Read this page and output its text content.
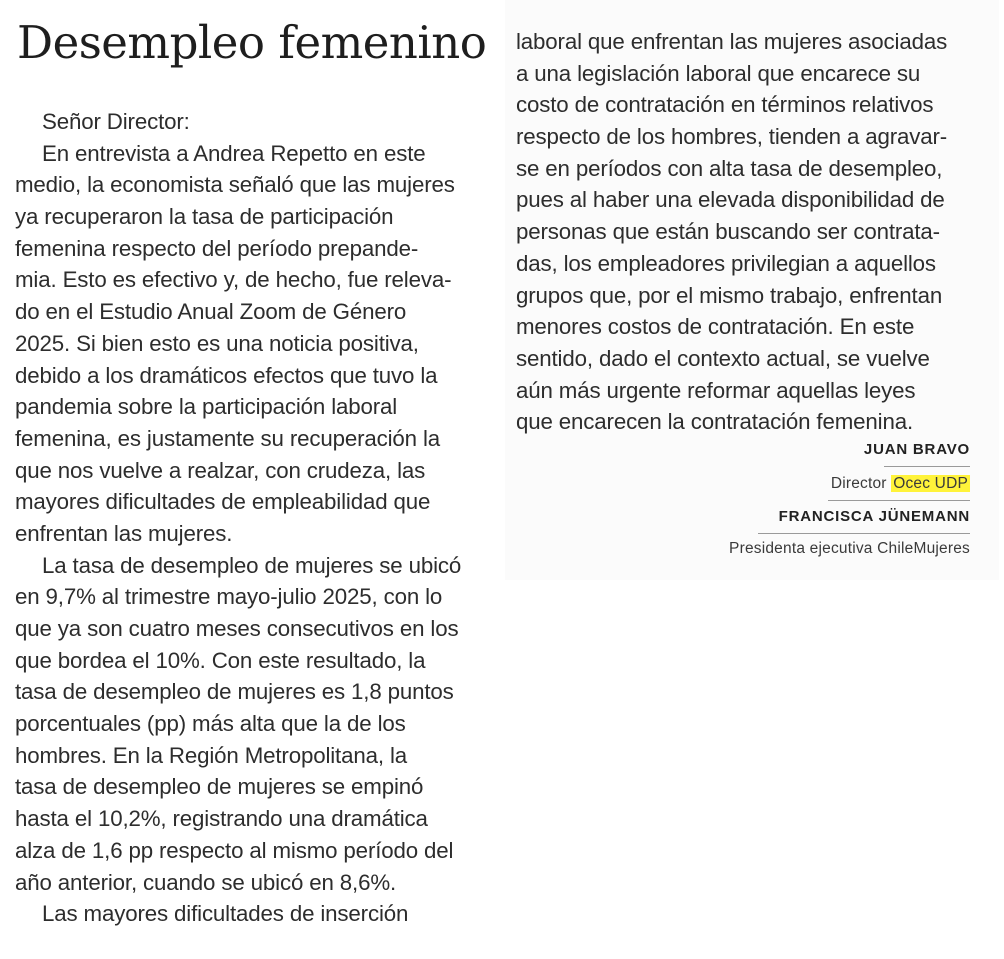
Desempleo femenino
Señor Director:
En entrevista a Andrea Repetto en este
medio, la economista señaló que las mujeres
ya recuperaron la tasa de participación
femenina respecto del período prepande-
mia. Esto es efectivo y, de hecho, fue releva-
do en el Estudio Anual Zoom de Género
2025. Si bien esto es una noticia positiva,
debido a los dramáticos efectos que tuvo la
pandemia sobre la participación laboral
femenina, es justamente su recuperación la
que nos vuelve a realzar, con crudeza, las
mayores dificultades de empleabilidad que
enfrentan las mujeres.
La tasa de desempleo de mujeres se ubicó
en 9,7% al trimestre mayo-julio 2025, con lo
que ya son cuatro meses consecutivos en los
que bordea el 10%. Con este resultado, la
tasa de desempleo de mujeres es 1,8 puntos
porcentuales (pp) más alta que la de los
hombres. En la Región Metropolitana, la
tasa de desempleo de mujeres se empinó
hasta el 10,2%, registrando una dramática
alza de 1,6 pp respecto al mismo período del
año anterior, cuando se ubicó en 8,6%.
Las mayores dificultades de inserción
laboral que enfrentan las mujeres asociadas
a una legislación laboral que encarece su
costo de contratación en términos relativos
respecto de los hombres, tienden a agravar-
se en períodos con alta tasa de desempleo,
pues al haber una elevada disponibilidad de
personas que están buscando ser contrata-
das, los empleadores privilegian a aquellos
grupos que, por el mismo trabajo, enfrentan
menores costos de contratación. En este
sentido, dado el contexto actual, se vuelve
aún más urgente reformar aquellas leyes
que encarecen la contratación femenina.
JUAN BRAVO
Director Ocec UDP
FRANCISCA JÜNEMANN
Presidenta ejecutiva ChileMujeres
